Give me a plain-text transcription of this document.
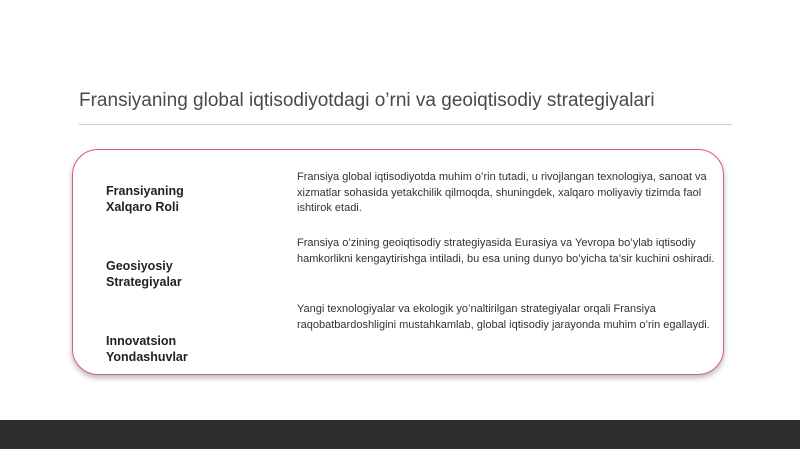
Fransiyaning global iqtisodiyotdagi o’rni va geoiqtisodiy strategiyalari
Fransiyaning
Xalqaro Roli
Fransiya global iqtisodiyotda muhim o’rin tutadi, u rivojlangan texnologiya, sanoat va xizmatlar sohasida yetakchilik qilmoqda, shuningdek, xalqaro moliyaviy tizimda faol ishtirok etadi.
Geosiyosiy
Strategiyalar
Fransiya o’zining geoiqtisodiy strategiyasida Eurasiya va Yevropa bo’ylab iqtisodiy hamkorlikni kengaytirishga intiladi, bu esa uning dunyo bo’yicha ta’sir kuchini oshiradi.
Innovatsion
Yondashuvlar
Yangi texnologiyalar va ekologik yo’naltirilgan strategiyalar orqali Fransiya raqobatbardoshligini mustahkamlab, global iqtisodiy jarayonda muhim o’rin egallaydi.
